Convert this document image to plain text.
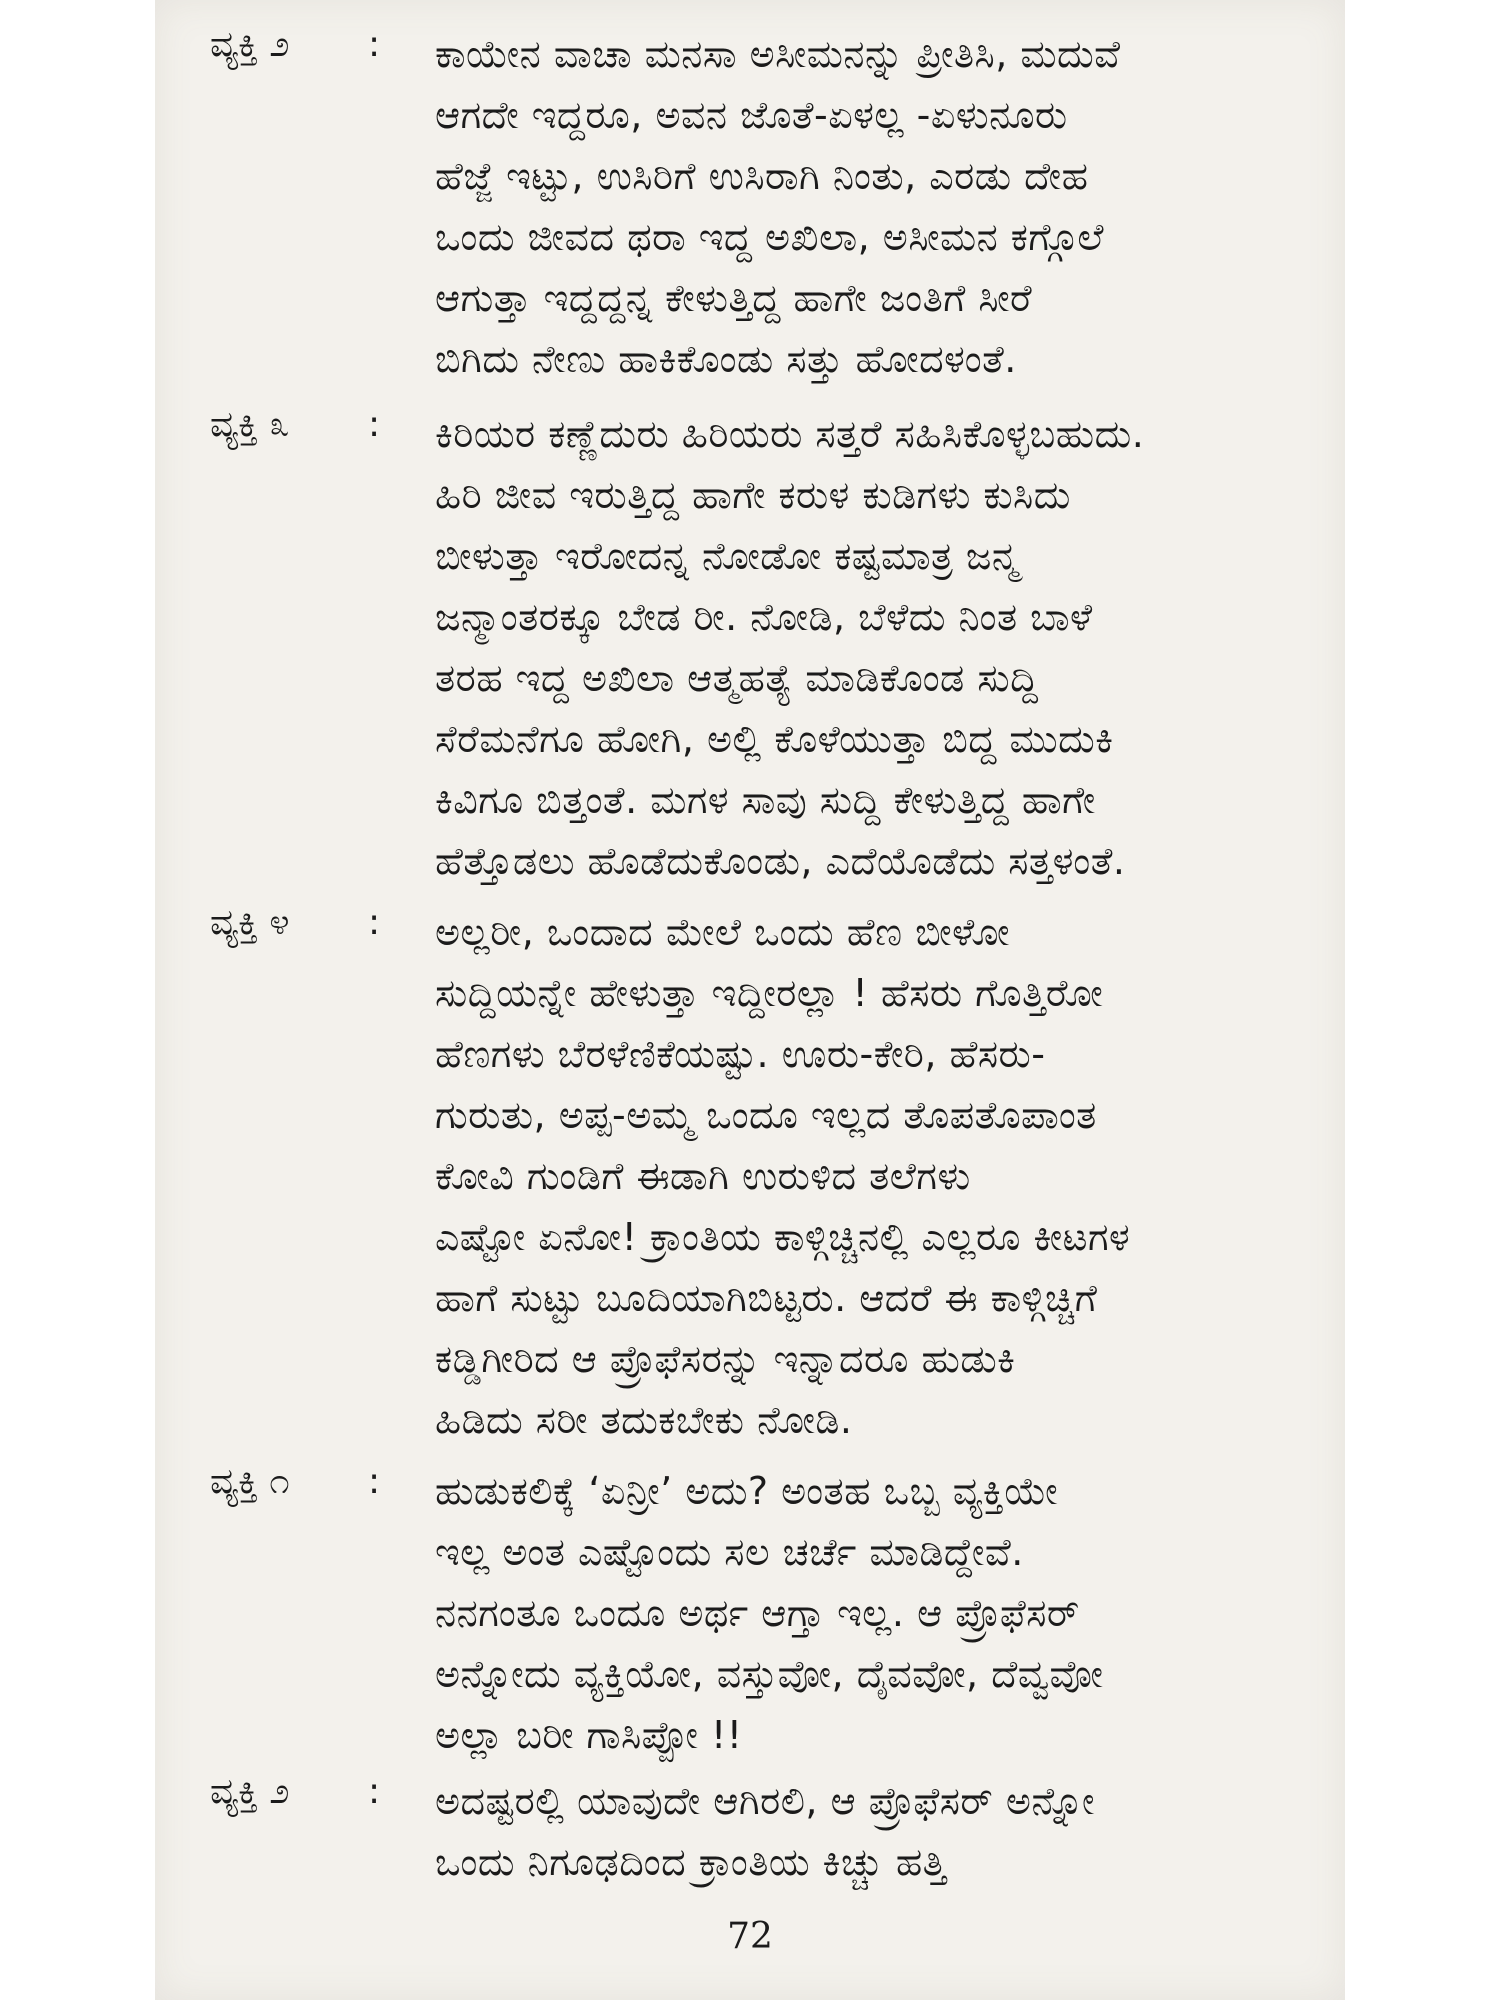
ವ್ಯಕ್ತಿ ೨ : ಕಾಯೇನ ವಾಚಾ ಮನಸಾ ಅಸೀಮನನ್ನು ಪ್ರೀತಿಸಿ, ಮದುವೆ
ಆಗದೇ ಇದ್ದರೂ, ಅವನ ಜೊತೆ-ಏಳಲ್ಲ -ಏಳುನೂರು
ಹೆಜ್ಜೆ ಇಟ್ಟು, ಉಸಿರಿಗೆ ಉಸಿರಾಗಿ ನಿಂತು, ಎರಡು ದೇಹ
ಒಂದು ಜೀವದ ಥರಾ ಇದ್ದ ಅಖಿಲಾ, ಅಸೀಮನ ಕಗ್ಗೊಲೆ
ಆಗುತ್ತಾ ಇದ್ದದ್ದನ್ನ ಕೇಳುತ್ತಿದ್ದ ಹಾಗೇ ಜಂತಿಗೆ ಸೀರೆ
ಬಿಗಿದು ನೇಣು ಹಾಕಿಕೊಂಡು ಸತ್ತು ಹೋದಳಂತೆ.
ವ್ಯಕ್ತಿ ೩ : ಕಿರಿಯರ ಕಣ್ಣೆದುರು ಹಿರಿಯರು ಸತ್ತರೆ ಸಹಿಸಿಕೊಳ್ಳಬಹುದು.
ಹಿರಿ ಜೀವ ಇರುತ್ತಿದ್ದ ಹಾಗೇ ಕರುಳ ಕುಡಿಗಳು ಕುಸಿದು
ಬೀಳುತ್ತಾ ಇರೋದನ್ನ ನೋಡೋ ಕಷ್ಟಮಾತ್ರ ಜನ್ಮ
ಜನ್ಮಾಂತರಕ್ಕೂ ಬೇಡ ರೀ. ನೋಡಿ, ಬೆಳೆದು ನಿಂತ ಬಾಳೆ
ತರಹ ಇದ್ದ ಅಖಿಲಾ ಆತ್ಮಹತ್ಯೆ ಮಾಡಿಕೊಂಡ ಸುದ್ದಿ
ಸೆರೆಮನೆಗೂ ಹೋಗಿ, ಅಲ್ಲಿ ಕೊಳೆಯುತ್ತಾ ಬಿದ್ದ ಮುದುಕಿ
ಕಿವಿಗೂ ಬಿತ್ತಂತೆ. ಮಗಳ ಸಾವು ಸುದ್ದಿ ಕೇಳುತ್ತಿದ್ದ ಹಾಗೇ
ಹೆತ್ತೊಡಲು ಹೊಡೆದುಕೊಂಡು, ಎದೆಯೊಡೆದು ಸತ್ತಳಂತೆ.
ವ್ಯಕ್ತಿ ೪ : ಅಲ್ಲರೀ, ಒಂದಾದ ಮೇಲೆ ಒಂದು ಹೆಣ ಬೀಳೋ
ಸುದ್ದಿಯನ್ನೇ ಹೇಳುತ್ತಾ ಇದ್ದೀರಲ್ಲಾ ! ಹೆಸರು ಗೊತ್ತಿರೋ
ಹೆಣಗಳು ಬೆರಳೆಣಿಕೆಯಷ್ಟು. ಊರು-ಕೇರಿ, ಹೆಸರು-
ಗುರುತು, ಅಪ್ಪ-ಅಮ್ಮ ಒಂದೂ ಇಲ್ಲದ ತೊಪತೊಪಾಂತ
ಕೋವಿ ಗುಂಡಿಗೆ ಈಡಾಗಿ ಉರುಳಿದ ತಲೆಗಳು
ಎಷ್ಟೋ ಏನೋ! ಕ್ರಾಂತಿಯ ಕಾಳ್ಗಿಚ್ಚಿನಲ್ಲಿ ಎಲ್ಲರೂ ಕೀಟಗಳ
ಹಾಗೆ ಸುಟ್ಟು ಬೂದಿಯಾಗಿಬಿಟ್ಟರು. ಆದರೆ ಈ ಕಾಳ್ಗಿಚ್ಚಿಗೆ
ಕಡ್ಡಿಗೀರಿದ ಆ ಪ್ರೊಫೆಸರನ್ನು ಇನ್ನಾದರೂ ಹುಡುಕಿ
ಹಿಡಿದು ಸರೀ ತದುಕಬೇಕು ನೋಡಿ.
ವ್ಯಕ್ತಿ ೧ : ಹುಡುಕಲಿಕ್ಕೆ ‘ಏನ್ರೀ’ ಅದು? ಅಂತಹ ಒಬ್ಬ ವ್ಯಕ್ತಿಯೇ
ಇಲ್ಲ ಅಂತ ಎಷ್ಟೊಂದು ಸಲ ಚರ್ಚೆ ಮಾಡಿದ್ದೇವೆ.
ನನಗಂತೂ ಒಂದೂ ಅರ್ಥ ಆಗ್ತಾ ಇಲ್ಲ. ಆ ಪ್ರೊಫೆಸರ್
ಅನ್ನೋದು ವ್ಯಕ್ತಿಯೋ, ವಸ್ತುವೋ, ದೈವವೋ, ದೆವ್ವವೋ
ಅಲ್ಲಾ ಬರೀ ಗಾಸಿಪ್ಪೋ !!
ವ್ಯಕ್ತಿ ೨ : ಅದಷ್ಟರಲ್ಲಿ ಯಾವುದೇ ಆಗಿರಲಿ, ಆ ಪ್ರೊಫೆಸರ್ ಅನ್ನೋ
ಒಂದು ನಿಗೂಢದಿಂದ ಕ್ರಾಂತಿಯ ಕಿಚ್ಚು ಹತ್ತಿ
72
